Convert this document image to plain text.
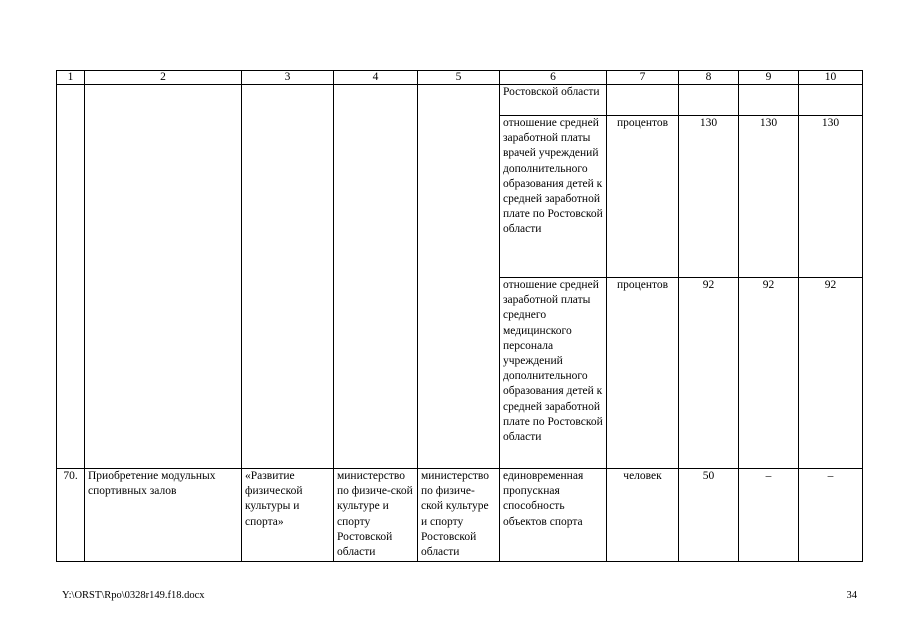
1	2	3	4	5	6	7	8	9	10
					Ростовской области				
					отношение средней заработной платы врачей учреждений дополнительного образования детей к средней заработной плате по Ростовской области	процентов	130	130	130
					отношение средней заработной платы среднего медицинского персонала учреждений дополнительного образования детей к средней заработной плате по Ростовской области	процентов	92	92	92
70.	Приобретение модульных спортивных залов	«Развитие физической культуры и спорта»	министерство по физиче-ской культуре и спорту Ростовской области	министерство по физиче-ской культуре и спорту Ростовской области	единовременная пропускная способность объектов спорта	человек	50	–	–
Y:\ORST\Rpo\0328r149.f18.docx	34
